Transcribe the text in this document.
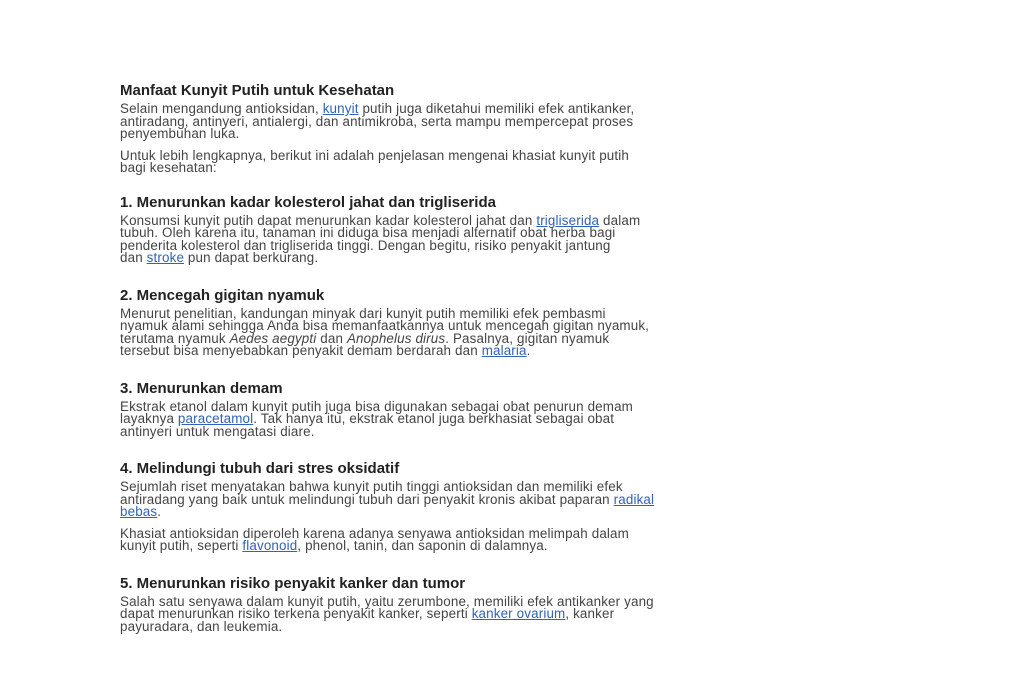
Manfaat Kunyit Putih untuk Kesehatan

Selain mengandung antioksidan, kunyit putih juga diketahui memiliki efek antikanker,
antiradang, antinyeri, antialergi, dan antimikroba, serta mampu mempercepat proses
penyembuhan luka.

Untuk lebih lengkapnya, berikut ini adalah penjelasan mengenai khasiat kunyit putih
bagi kesehatan:

1. Menurunkan kadar kolesterol jahat dan trigliserida

Konsumsi kunyit putih dapat menurunkan kadar kolesterol jahat dan trigliserida dalam
tubuh. Oleh karena itu, tanaman ini diduga bisa menjadi alternatif obat herba bagi
penderita kolesterol dan trigliserida tinggi. Dengan begitu, risiko penyakit jantung
dan stroke pun dapat berkurang.

2. Mencegah gigitan nyamuk

Menurut penelitian, kandungan minyak dari kunyit putih memiliki efek pembasmi
nyamuk alami sehingga Anda bisa memanfaatkannya untuk mencegah gigitan nyamuk,
terutama nyamuk Aedes aegypti dan Anophelus dirus. Pasalnya, gigitan nyamuk
tersebut bisa menyebabkan penyakit demam berdarah dan malaria.

3. Menurunkan demam

Ekstrak etanol dalam kunyit putih juga bisa digunakan sebagai obat penurun demam
layaknya paracetamol. Tak hanya itu, ekstrak etanol juga berkhasiat sebagai obat
antinyeri untuk mengatasi diare.

4. Melindungi tubuh dari stres oksidatif

Sejumlah riset menyatakan bahwa kunyit putih tinggi antioksidan dan memiliki efek
antiradang yang baik untuk melindungi tubuh dari penyakit kronis akibat paparan radikal
bebas.

Khasiat antioksidan diperoleh karena adanya senyawa antioksidan melimpah dalam
kunyit putih, seperti flavonoid, phenol, tanin, dan saponin di dalamnya.

5. Menurunkan risiko penyakit kanker dan tumor

Salah satu senyawa dalam kunyit putih, yaitu zerumbone, memiliki efek antikanker yang
dapat menurunkan risiko terkena penyakit kanker, seperti kanker ovarium, kanker
payuradara, dan leukemia.
